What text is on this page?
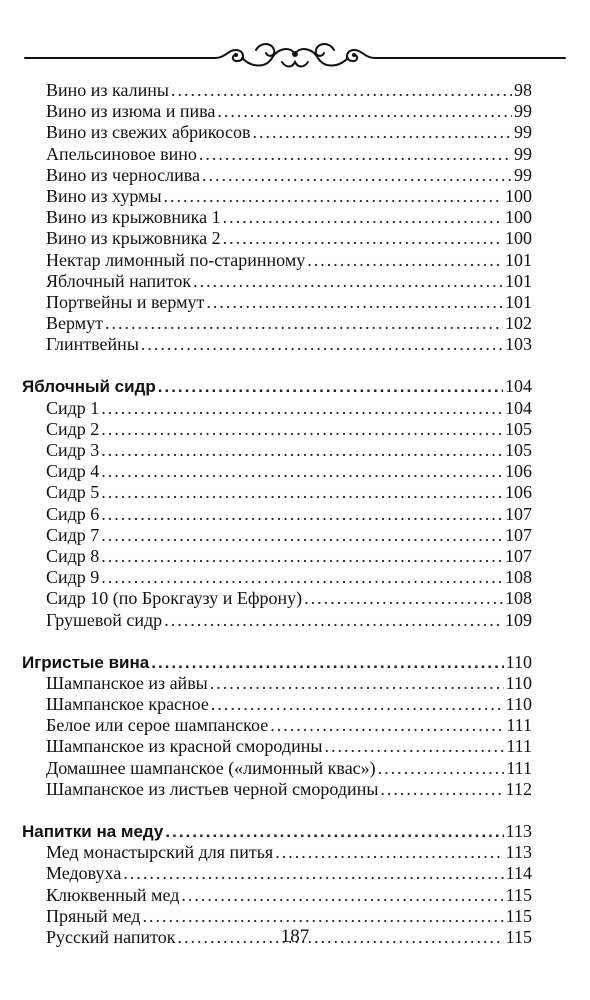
Вино из калины .....	98
Вино из изюма и пива .....	99
Вино из свежих абрикосов .....	99
Апельсиновое вино .....	99
Вино из чернослива .....	99
Вино из хурмы .....	100
Вино из крыжовника 1 .....	100
Вино из крыжовника 2 .....	100
Нектар лимонный по-старинному .....	101
Яблочный напиток .....	101
Портвейны и вермут .....	101
Вермут .....	102
Глинтвейны .....	103
Яблочный сидр .....	104
Сидр 1 .....	104
Сидр 2 .....	105
Сидр 3 .....	105
Сидр 4 .....	106
Сидр 5 .....	106
Сидр 6 .....	107
Сидр 7 .....	107
Сидр 8 .....	107
Сидр 9 .....	108
Сидр 10 (по Брокгаузу и Ефрону) .....	108
Грушевой сидр .....	109
Игристые вина .....	110
Шампанское из айвы .....	110
Шампанское красное .....	110
Белое или серое шампанское .....	111
Шампанское из красной смородины .....	111
Домашнее шампанское («лимонный квас») .....	111
Шампанское из листьев черной смородины .....	112
Напитки на меду .....	113
Мед монастырский для питья .....	113
Медовуха .....	114
Клюквенный мед .....	115
Пряный мед .....	115
Русский напиток .....	115
187
